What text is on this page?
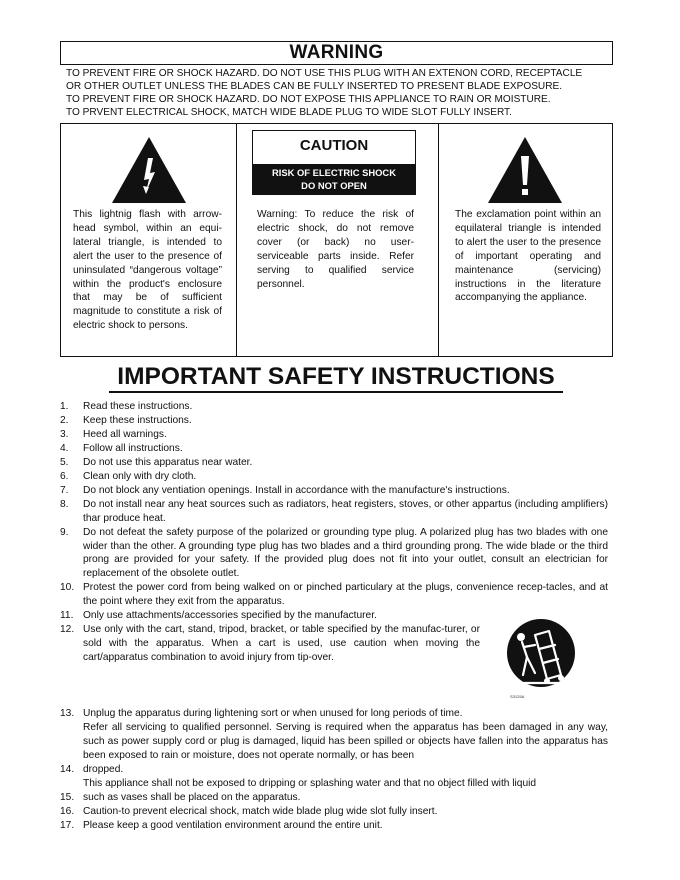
WARNING
TO PREVENT FIRE OR SHOCK HAZARD. DO NOT USE THIS PLUG WITH AN EXTENON CORD, RECEPTACLE
OR OTHER OUTLET UNLESS THE BLADES CAN BE FULLY INSERTED TO PRESENT BLADE EXPOSURE.
TO PREVENT FIRE OR SHOCK HAZARD. DO NOT EXPOSE THIS APPLIANCE TO RAIN OR MOISTURE.
TO PRVENT ELECTRICAL SHOCK, MATCH WIDE BLADE PLUG TO WIDE SLOT FULLY INSERT.
This lightnig flash with arrow-head symbol, within an equi-lateral triangle, is intended to alert the user to the presence of uninsulated “dangerous voltage” within the product's enclosure that may be of sufficient magnitude to constitute a risk of electric shock to persons.
CAUTION
RISK OF ELECTRIC SHOCK
DO NOT OPEN
Warning: To reduce the risk of electric shock, do not remove cover (or back) no user-serviceable parts inside. Refer serving to qualified service personnel.
The exclamation point within an equilateral triangle is intended to alert the user to the presence of important operating and maintenance (servicing) instructions in the literature accompanying the appliance.
IMPORTANT SAFETY INSTRUCTIONS
1.	Read these instructions.
2.	Keep these instructions.
3.	Heed all warnings.
4.	Follow all instructions.
5.	Do not use this apparatus near water.
6.	Clean only with dry cloth.
7.	Do not block any ventiation openings. Install in accordance with the manufacture's instructions.
8.	Do not install near any heat sources such as radiators, heat registers, stoves, or other appartus (including amplifiers) thar produce heat.
9.	Do not defeat the safety purpose of the polarized or grounding type plug. A polarized plug has two blades with one wider than the other. A grounding type plug has two blades and a third grounding prong. The wide blade or the third prong are provided for your safety. If the provided plug does not fit into your outlet, consult an electrician for replacement of the obsolete outlet.
10. Protest the power cord from being walked on or pinched particulary at the plugs, convenience recep-tacles, and at the point where they exit from the apparatus.
11. Only use attachments/accessories specified by the manufacturer.
12. Use only with the cart, stand, tripod, bracket, or table specified by the manufac-turer, or sold with the apparatus. When a cart is used, use caution when moving the cart/apparatus combination to avoid injury from tip-over.
13. Unplug the apparatus during lightening sort or when unused for long periods of time.
Refer all servicing to qualified personnel. Serving is required when the apparatus has been damaged in any way, such as power supply cord or plug is damaged, liquid has been spilled or objects have fallen into the apparatus has been exposed to rain or moisture, does not operate normally, or has been
14. dropped.
This appliance shall not be exposed to dripping or splashing water and that no object filled with liquid
15. such as vases shall be placed on the apparatus.
16. Caution-to prevent elecrical shock, match wide blade plug wide slot fully insert.
17. Please keep a good ventilation environment around the entire unit.
S3125A
